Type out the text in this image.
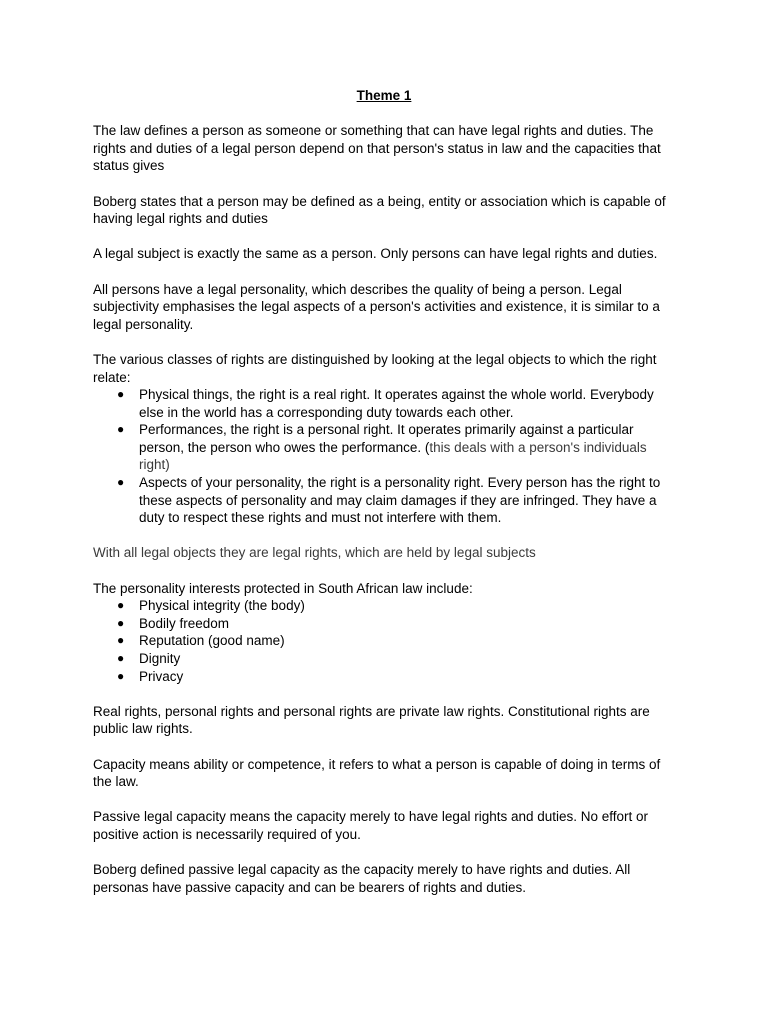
Theme 1

The law defines a person as someone or something that can have legal rights and duties. The rights and duties of a legal person depend on that person's status in law and the capacities that status gives

Boberg states that a person may be defined as a being, entity or association which is capable of having legal rights and duties

A legal subject is exactly the same as a person. Only persons can have legal rights and duties.

All persons have a legal personality, which describes the quality of being a person. Legal subjectivity emphasises the legal aspects of a person's activities and existence, it is similar to a legal personality.

The various classes of rights are distinguished by looking at the legal objects to which the right relate:

● Physical things, the right is a real right. It operates against the whole world. Everybody else in the world has a corresponding duty towards each other.
● Performances, the right is a personal right. It operates primarily against a particular person, the person who owes the performance. (this deals with a person's individuals right)
● Aspects of your personality, the right is a personality right. Every person has the right to these aspects of personality and may claim damages if they are infringed. They have a duty to respect these rights and must not interfere with them.

With all legal objects they are legal rights, which are held by legal subjects

The personality interests protected in South African law include:

● Physical integrity (the body)
● Bodily freedom
● Reputation (good name)
● Dignity
● Privacy

Real rights, personal rights and personal rights are private law rights. Constitutional rights are public law rights.

Capacity means ability or competence, it refers to what a person is capable of doing in terms of the law.

Passive legal capacity means the capacity merely to have legal rights and duties. No effort or positive action is necessarily required of you.

Boberg defined passive legal capacity as the capacity merely to have rights and duties. All personas have passive capacity and can be bearers of rights and duties.
